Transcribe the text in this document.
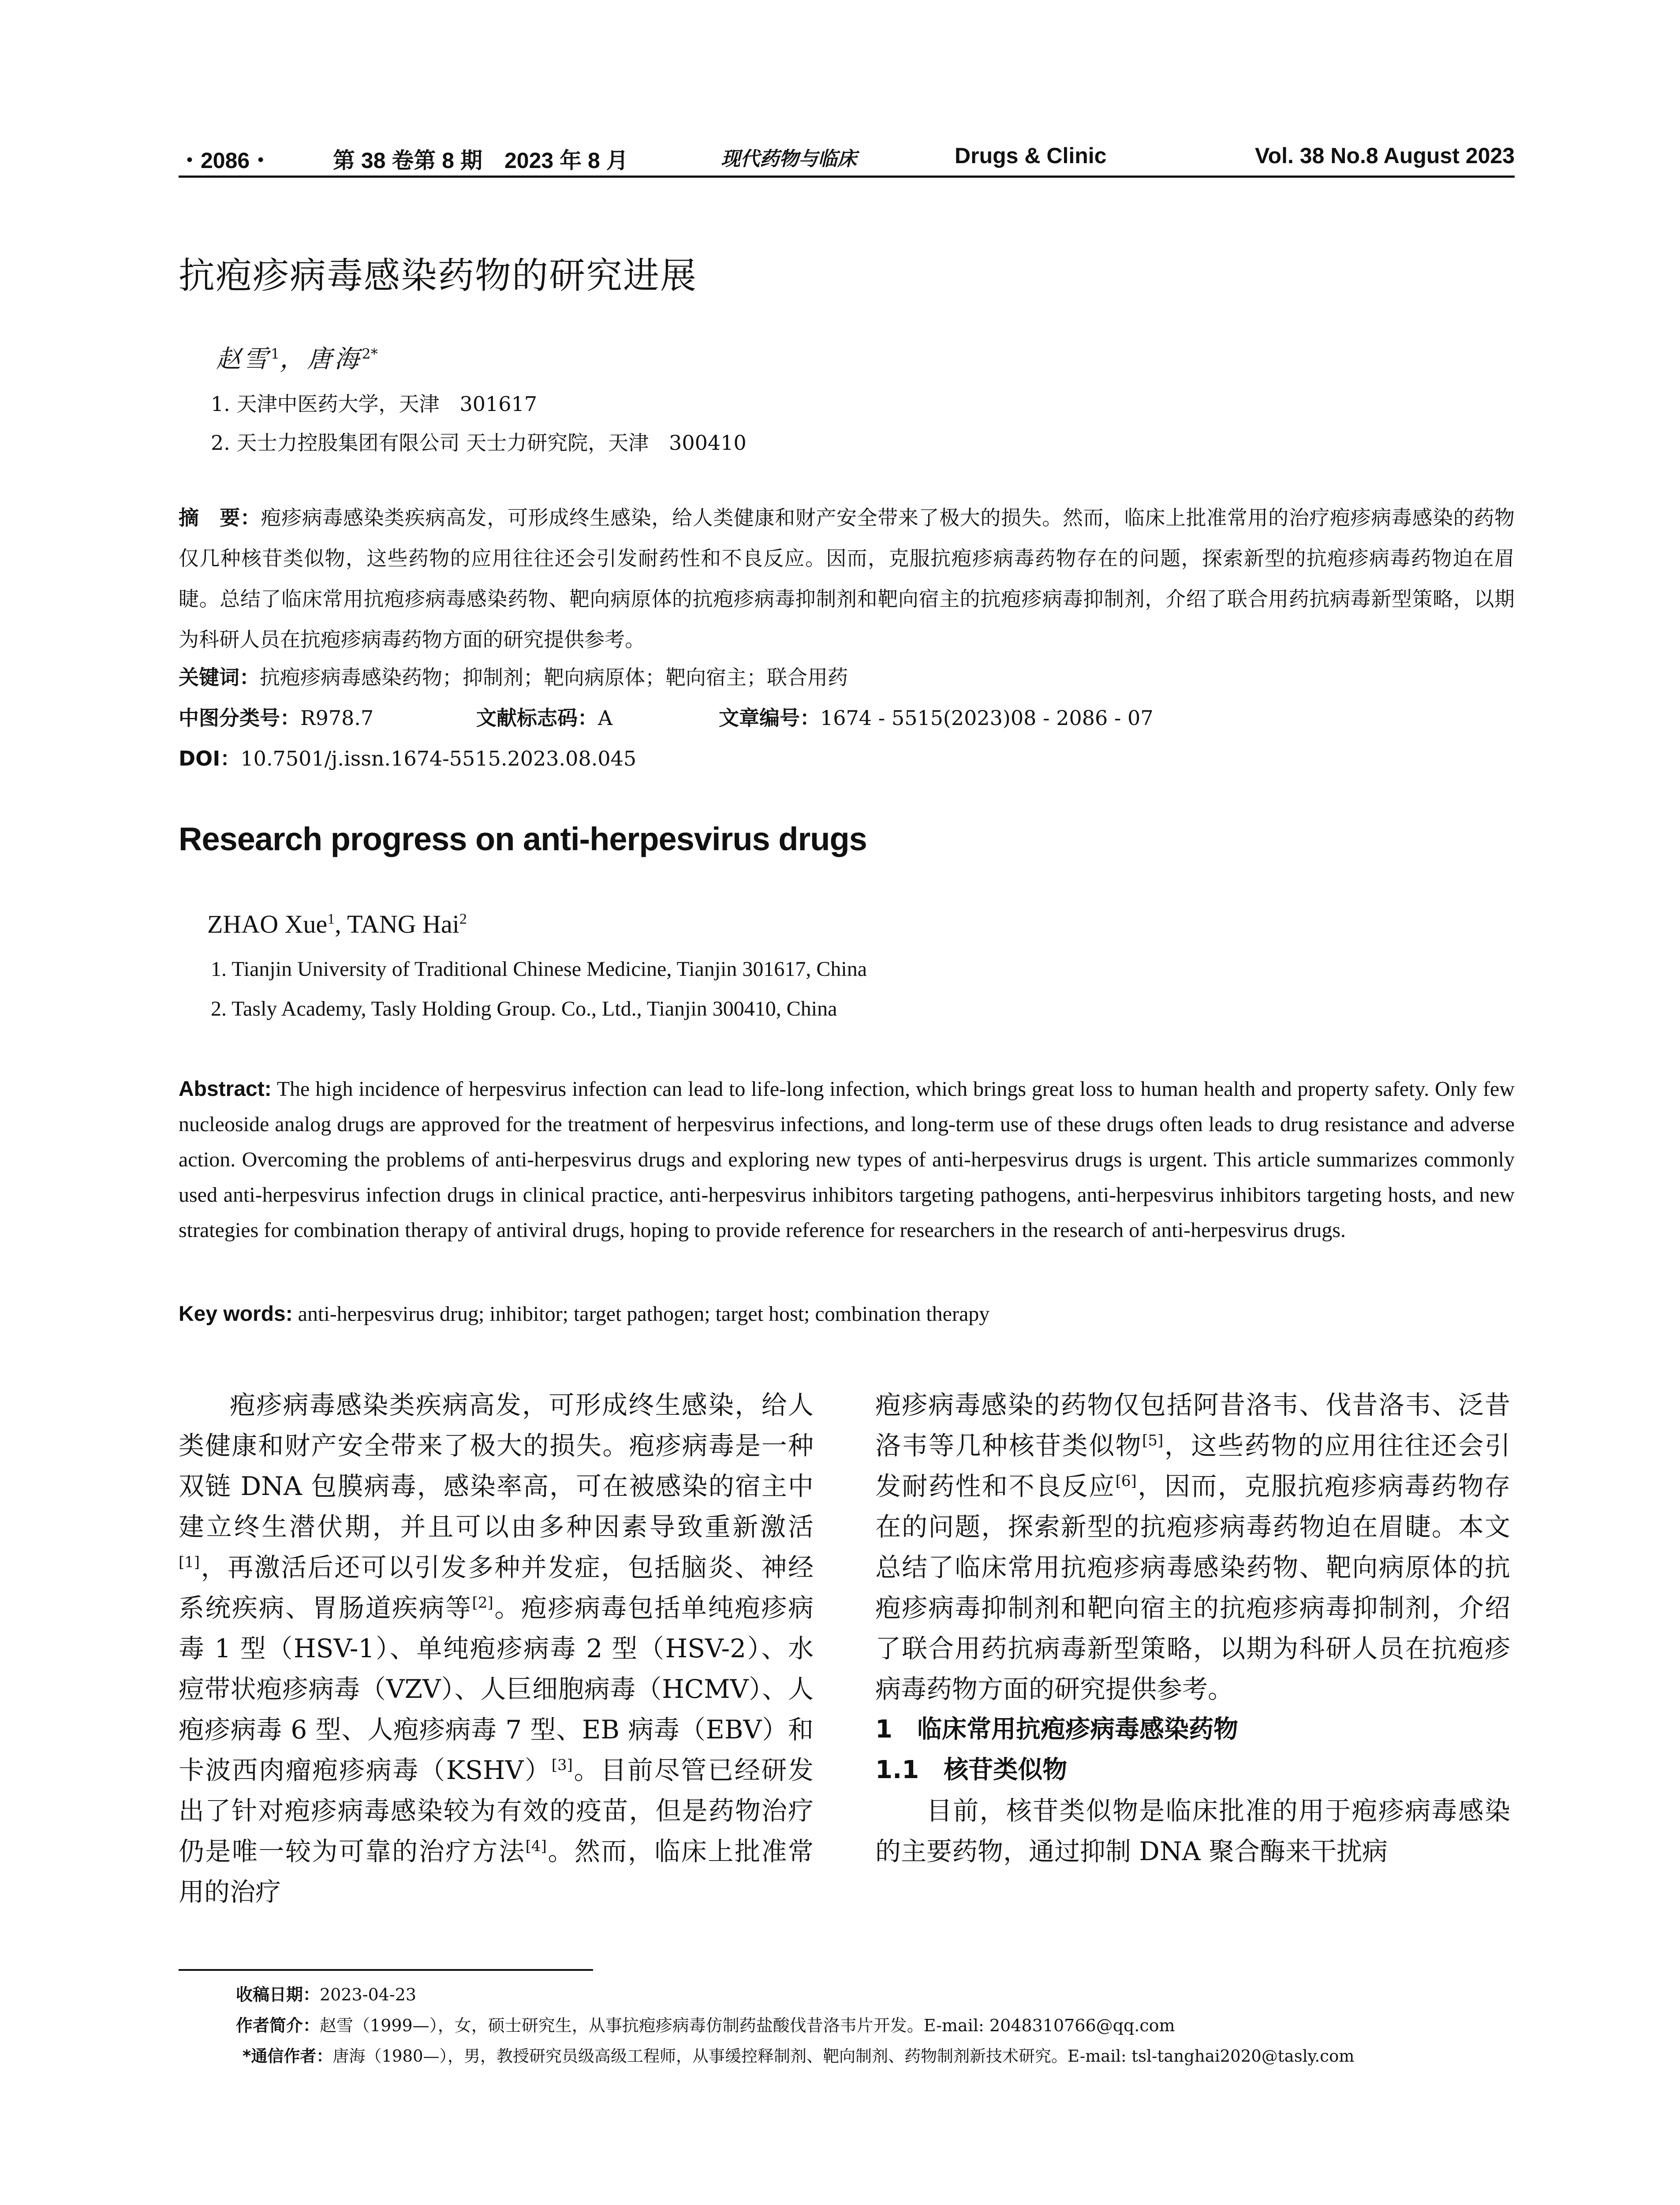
・2086・	第 38 卷第 8 期　2023 年 8 月	现代药物与临床	Drugs & Clinic	Vol. 38 No.8 August 2023
抗疱疹病毒感染药物的研究进展
赵雪$^1$，唐海$^{2*}$
1. 天津中医药大学，天津　301617
2. 天士力控股集团有限公司 天士力研究院，天津　300410
摘　要：疱疹病毒感染类疾病高发，可形成终生感染，给人类健康和财产安全带来了极大的损失。然而，临床上批准常用的治疗疱疹病毒感染的药物仅几种核苷类似物，这些药物的应用往往还会引发耐药性和不良反应。因而，克服抗疱疹病毒药物存在的问题，探索新型的抗疱疹病毒药物迫在眉睫。总结了临床常用抗疱疹病毒感染药物、靶向病原体的抗疱疹病毒抑制剂和靶向宿主的抗疱疹病毒抑制剂，介绍了联合用药抗病毒新型策略，以期为科研人员在抗疱疹病毒药物方面的研究提供参考。
关键词：抗疱疹病毒感染药物；抑制剂；靶向病原体；靶向宿主；联合用药
中图分类号：R978.7	文献标志码：A	文章编号：1674 - 5515(2023)08 - 2086 - 07
DOI：10.7501/j.issn.1674-5515.2023.08.045
Research progress on anti-herpesvirus drugs
ZHAO Xue$^1$, TANG Hai$^2$
1. Tianjin University of Traditional Chinese Medicine, Tianjin 301617, China
2. Tasly Academy, Tasly Holding Group. Co., Ltd., Tianjin 300410, China
Abstract: The high incidence of herpesvirus infection can lead to life-long infection, which brings great loss to human health and property safety. Only few nucleoside analog drugs are approved for the treatment of herpesvirus infections, and long-term use of these drugs often leads to drug resistance and adverse action. Overcoming the problems of anti-herpesvirus drugs and exploring new types of anti-herpesvirus drugs is urgent. This article summarizes commonly used anti-herpesvirus infection drugs in clinical practice, anti-herpesvirus inhibitors targeting pathogens, anti-herpesvirus inhibitors targeting hosts, and new strategies for combination therapy of antiviral drugs, hoping to provide reference for researchers in the research of anti-herpesvirus drugs.
Key words: anti-herpesvirus drug; inhibitor; target pathogen; target host; combination therapy

疱疹病毒感染类疾病高发，可形成终生感染，给人类健康和财产安全带来了极大的损失。疱疹病毒是一种双链 DNA 包膜病毒，感染率高，可在被感染的宿主中建立终生潜伏期，并且可以由多种因素导致重新激活[1]，再激活后还可以引发多种并发症，包括脑炎、神经系统疾病、胃肠道疾病等[2]。疱疹病毒包括单纯疱疹病毒 1 型（HSV-1）、单纯疱疹病毒 2 型（HSV-2）、水痘带状疱疹病毒（VZV）、人巨细胞病毒（HCMV）、人疱疹病毒 6 型、人疱疹病毒 7 型、EB 病毒（EBV）和卡波西肉瘤疱疹病毒（KSHV）[3]。目前尽管已经研发出了针对疱疹病毒感染较为有效的疫苗，但是药物治疗仍是唯一较为可靠的治疗方法[4]。然而，临床上批准常用的治疗

疱疹病毒感染的药物仅包括阿昔洛韦、伐昔洛韦、泛昔洛韦等几种核苷类似物[5]，这些药物的应用往往还会引发耐药性和不良反应[6]，因而，克服抗疱疹病毒药物存在的问题，探索新型的抗疱疹病毒药物迫在眉睫。本文总结了临床常用抗疱疹病毒感染药物、靶向病原体的抗疱疹病毒抑制剂和靶向宿主的抗疱疹病毒抑制剂，介绍了联合用药抗病毒新型策略，以期为科研人员在抗疱疹病毒药物方面的研究提供参考。

1　临床常用抗疱疹病毒感染药物

1.1　核苷类似物

目前，核苷类似物是临床批准的用于疱疹病毒感染的主要药物，通过抑制 DNA 聚合酶来干扰病

收稿日期：2023-04-23
作者简介：赵雪（1999—），女，硕士研究生，从事抗疱疹病毒仿制药盐酸伐昔洛韦片开发。E-mail: 2048310766@qq.com
*通信作者：唐海（1980—），男，教授研究员级高级工程师，从事缓控释制剂、靶向制剂、药物制剂新技术研究。E-mail: tsl-tanghai2020@tasly.com
